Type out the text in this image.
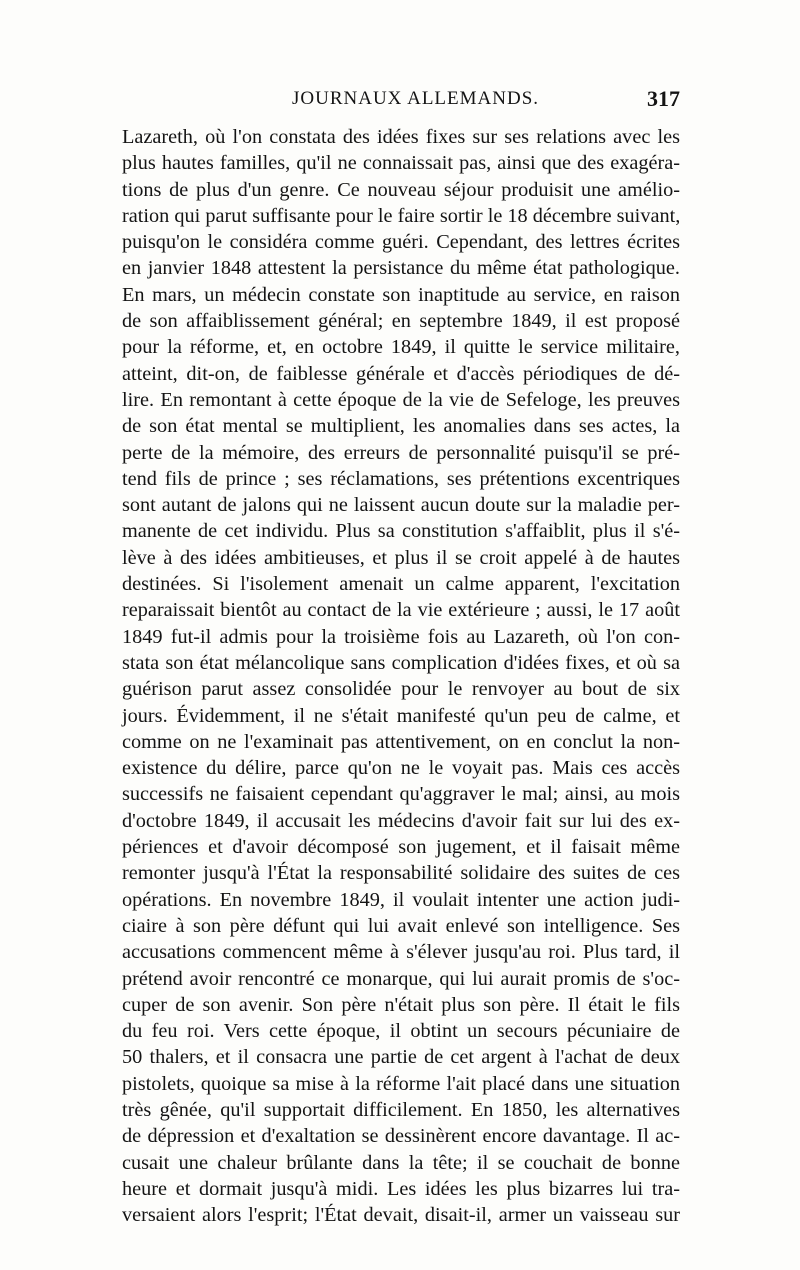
JOURNAUX ALLEMANDS.	317
Lazareth, où l'on constata des idées fixes sur ses relations avec les
plus hautes familles, qu'il ne connaissait pas, ainsi que des exagéra-
tions de plus d'un genre. Ce nouveau séjour produisit une amélio-
ration qui parut suffisante pour le faire sortir le 18 décembre suivant,
puisqu'on le considéra comme guéri. Cependant, des lettres écrites
en janvier 1848 attestent la persistance du même état pathologique.
En mars, un médecin constate son inaptitude au service, en raison
de son affaiblissement général; en septembre 1849, il est proposé
pour la réforme, et, en octobre 1849, il quitte le service militaire,
atteint, dit-on, de faiblesse générale et d'accès périodiques de dé-
lire. En remontant à cette époque de la vie de Sefeloge, les preuves
de son état mental se multiplient, les anomalies dans ses actes, la
perte de la mémoire, des erreurs de personnalité puisqu'il se pré-
tend fils de prince ; ses réclamations, ses prétentions excentriques
sont autant de jalons qui ne laissent aucun doute sur la maladie per-
manente de cet individu. Plus sa constitution s'affaiblit, plus il s'é-
lève à des idées ambitieuses, et plus il se croit appelé à de hautes
destinées. Si l'isolement amenait un calme apparent, l'excitation
reparaissait bientôt au contact de la vie extérieure ; aussi, le 17 août
1849 fut-il admis pour la troisième fois au Lazareth, où l'on con-
stata son état mélancolique sans complication d'idées fixes, et où sa
guérison parut assez consolidée pour le renvoyer au bout de six
jours. Évidemment, il ne s'était manifesté qu'un peu de calme, et
comme on ne l'examinait pas attentivement, on en conclut la non-
existence du délire, parce qu'on ne le voyait pas. Mais ces accès
successifs ne faisaient cependant qu'aggraver le mal; ainsi, au mois
d'octobre 1849, il accusait les médecins d'avoir fait sur lui des ex-
périences et d'avoir décomposé son jugement, et il faisait même
remonter jusqu'à l'État la responsabilité solidaire des suites de ces
opérations. En novembre 1849, il voulait intenter une action judi-
ciaire à son père défunt qui lui avait enlevé son intelligence. Ses
accusations commencent même à s'élever jusqu'au roi. Plus tard, il
prétend avoir rencontré ce monarque, qui lui aurait promis de s'oc-
cuper de son avenir. Son père n'était plus son père. Il était le fils
du feu roi. Vers cette époque, il obtint un secours pécuniaire de
50 thalers, et il consacra une partie de cet argent à l'achat de deux
pistolets, quoique sa mise à la réforme l'ait placé dans une situation
très gênée, qu'il supportait difficilement. En 1850, les alternatives
de dépression et d'exaltation se dessinèrent encore davantage. Il ac-
cusait une chaleur brûlante dans la tête; il se couchait de bonne
heure et dormait jusqu'à midi. Les idées les plus bizarres lui tra-
versaient alors l'esprit; l'État devait, disait-il, armer un vaisseau sur
